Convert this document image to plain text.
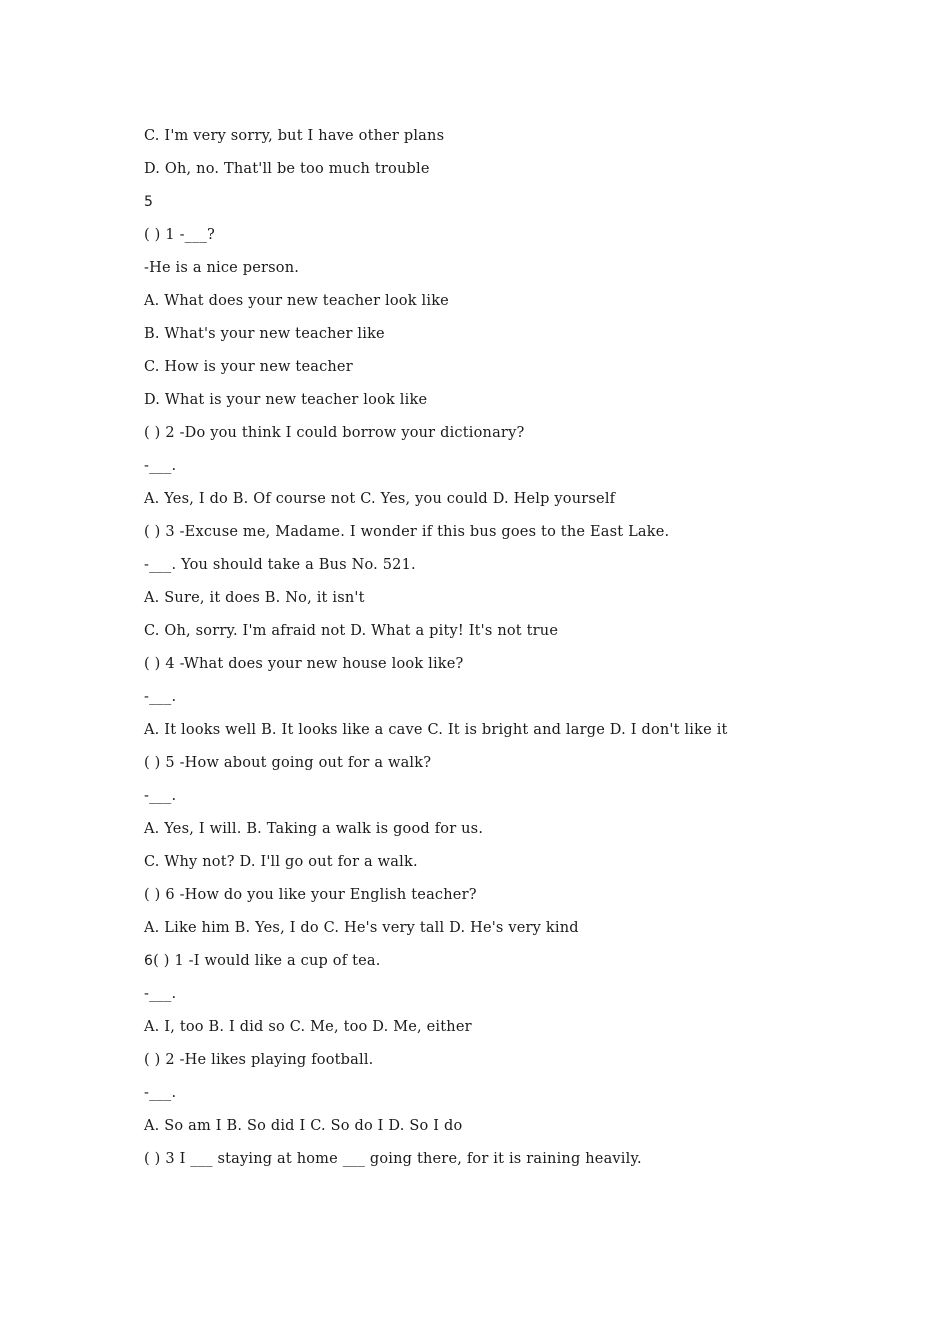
C. I'm very sorry, but I have other plans
D. Oh, no. That'll be too much trouble
5
( ) 1 -___?
-He is a nice person.
A. What does your new teacher look like
B. What's your new teacher like
C. How is your new teacher
D. What is your new teacher look like
( ) 2 -Do you think I could borrow your dictionary?
-___.
A. Yes, I do B. Of course not C. Yes, you could D. Help yourself
( ) 3 -Excuse me, Madame. I wonder if this bus goes to the East Lake.
-___. You should take a Bus No. 521.
A. Sure, it does B. No, it isn't
C. Oh, sorry. I'm afraid not D. What a pity! It's not true
( ) 4 -What does your new house look like?
-___.
A. It looks well B. It looks like a cave C. It is bright and large D. I don't like it
( ) 5 -How about going out for a walk?
-___.
A. Yes, I will. B. Taking a walk is good for us.
C. Why not? D. I'll go out for a walk.
( ) 6 -How do you like your English teacher?
A. Like him B. Yes, I do C. He's very tall D. He's very kind
6( ) 1 -I would like a cup of tea.
-___.
A. I, too B. I did so C. Me, too D. Me, either
( ) 2 -He likes playing football.
-___.
A. So am I B. So did I C. So do I D. So I do
( ) 3 I ___ staying at home ___ going there, for it is raining heavily.
